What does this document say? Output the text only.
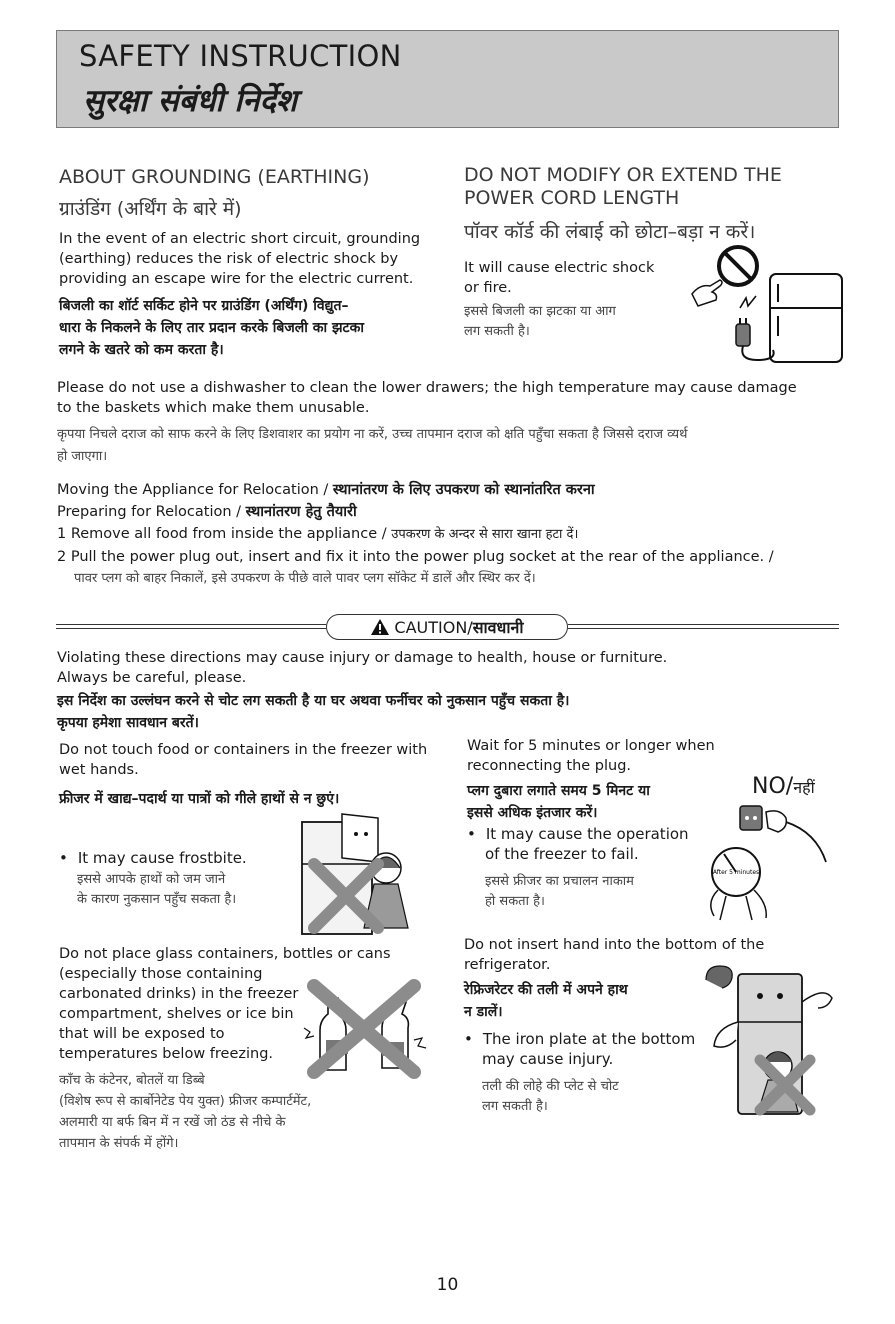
SAFETY INSTRUCTION
सुरक्षा संबंधी निर्देश
ABOUT GROUNDING (EARTHING)
ग्राउंडिंग (अर्थिंग के बारे में)
In the event of an electric short circuit, grounding
(earthing) reduces the risk of electric shock by
providing an escape wire for the electric current.
बिजली का शॉर्ट सर्किट होने पर ग्राउंडिंग (अर्थिंग) विद्युत–
धारा के निकलने के लिए तार प्रदान करके बिजली का झटका
लगने के खतरे को कम करता है।
DO NOT MODIFY OR EXTEND THE
POWER CORD LENGTH
पॉवर कॉर्ड की लंबाई को छोटा–बड़ा न करें।
It will cause electric shock
or fire.
इससे बिजली का झटका या आग
लग सकती है।
Please do not use a dishwasher to clean the lower drawers; the high temperature may cause damage
to the baskets which make them unusable.
कृपया निचले दराज को साफ करने के लिए डिशवाशर का प्रयोग ना करें, उच्च तापमान दराज को क्षति पहुँचा सकता है जिससे दराज व्यर्थ
हो जाएगा।
Moving the Appliance for Relocation / स्थानांतरण के लिए उपकरण को स्थानांतरित करना
Preparing for Relocation / स्थानांतरण हेतु तैयारी
1 Remove all food from inside the appliance / उपकरण के अन्दर से सारा खाना हटा दें।
2 Pull the power plug out, insert and fix it into the power plug socket at the rear of the appliance. /
पावर प्लग को बाहर निकालें, इसे उपकरण के पीछे वाले पावर प्लग सॉकेट में डालें और स्थिर कर दें।
CAUTION/ सावधानी
Violating these directions may cause injury or damage to health, house or furniture.
Always be careful, please.
इस निर्देश का उल्लंघन करने से चोट लग सकती है या घर अथवा फर्नीचर को नुकसान पहुँच सकता है।
कृपया हमेशा सावधान बरतें।
Do not touch food or containers in the freezer with
wet hands.
फ्रीजर में खाद्य–पदार्थ या पात्रों को गीले हाथों से न छुएं।
• It may cause frostbite.
इससे आपके हाथों को जम जाने
के कारण नुकसान पहुँच सकता है।
Wait for 5 minutes or longer when
reconnecting the plug.
प्लग दुबारा लगाते समय 5 मिनट या
इससे अधिक इंतजार करें।
NO/नहीं
• It may cause the operation
of the freezer to fail.
इससे फ्रीजर का प्रचालन नाकाम
हो सकता है।
After 5 minutes
Do not place glass containers, bottles or cans
(especially those containing
carbonated drinks) in the freezer
compartment, shelves or ice bin
that will be exposed to
temperatures below freezing.
काँच के कंटेनर, बोतलें या डिब्बे
(विशेष रूप से कार्बोनेटेड पेय युक्त) फ्रीजर कम्पार्टमेंट,
अलमारी या बर्फ बिन में न रखें जो ठंड से नीचे के
तापमान के संपर्क में होंगे।
Do not insert hand into the bottom of the
refrigerator.
रेफ्रिजरेटर की तली में अपने हाथ
न डालें।
• The iron plate at the bottom
may cause injury.
तली की लोहे की प्लेट से चोट
लग सकती है।
10
